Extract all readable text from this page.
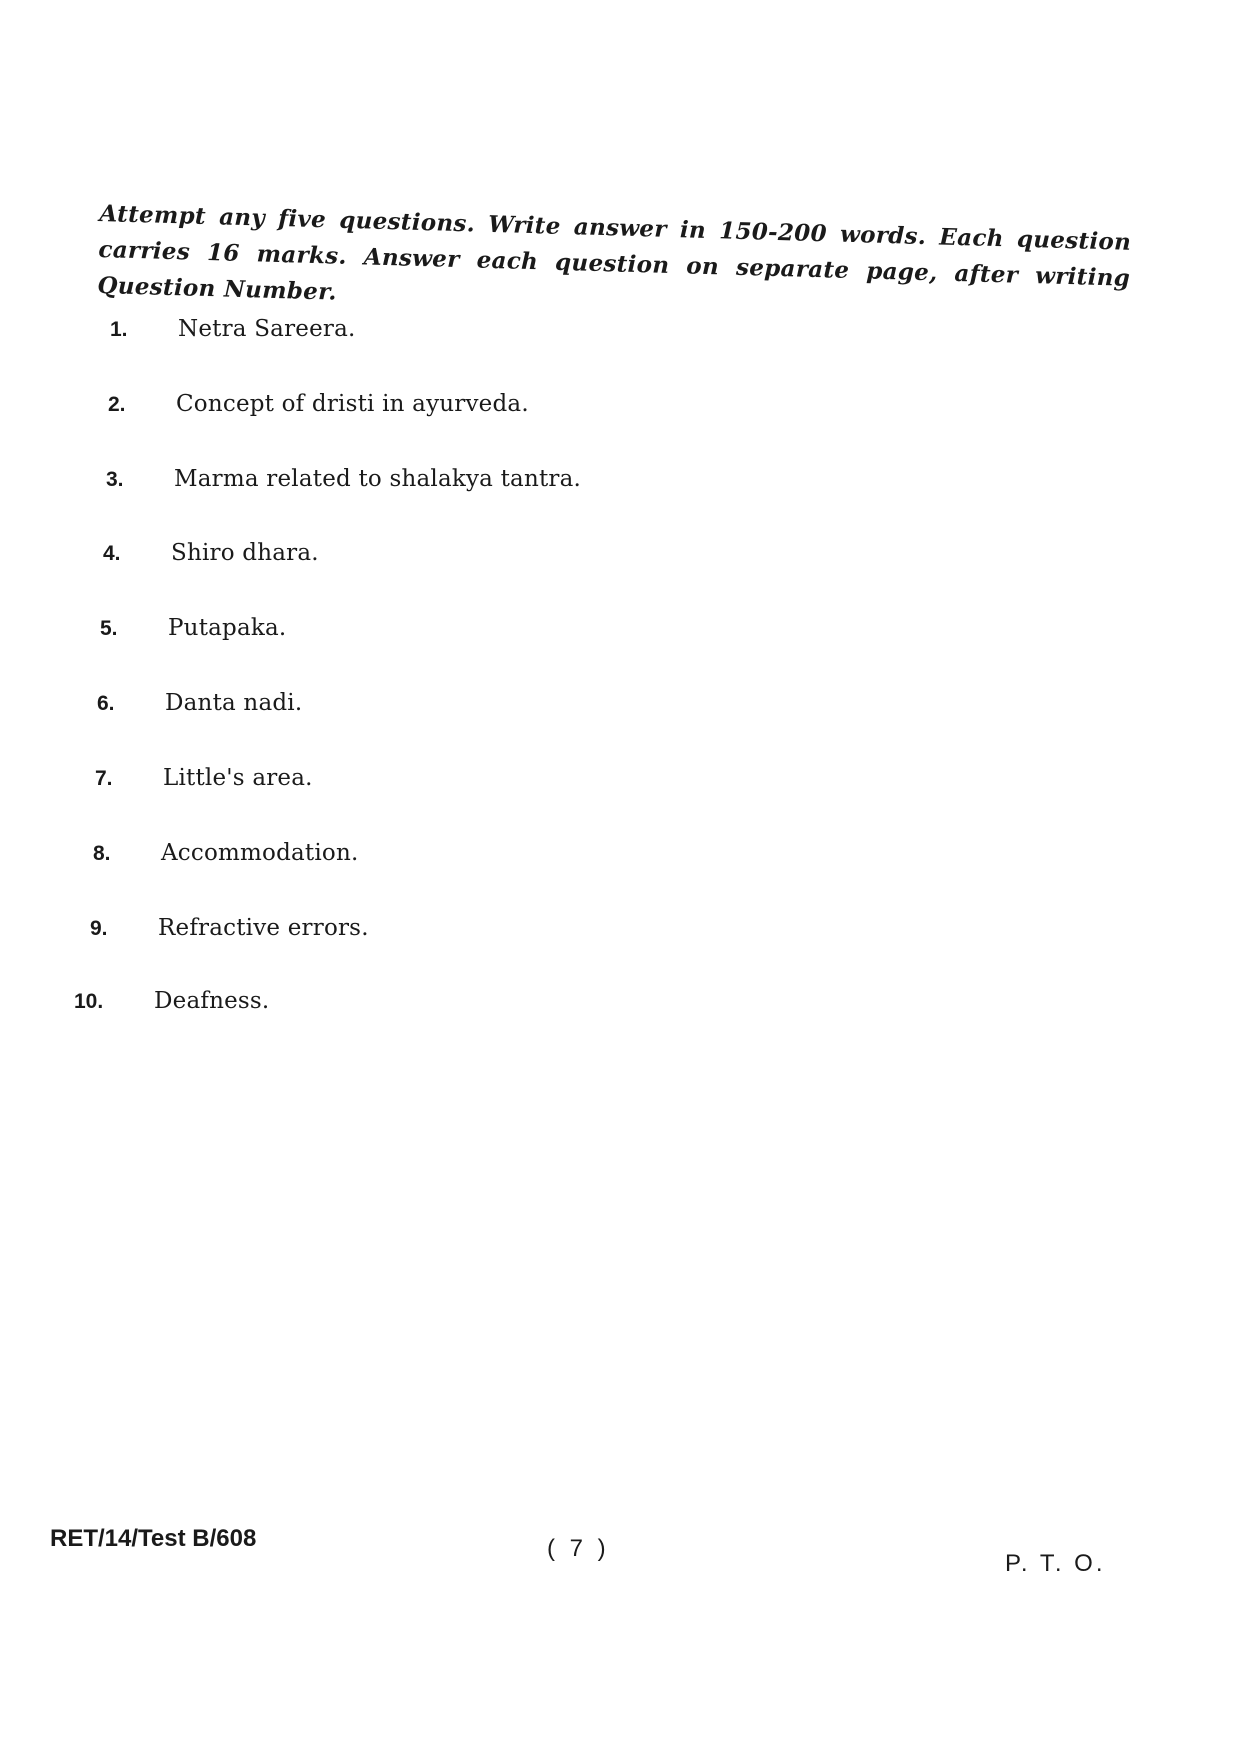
Attempt any five questions. Write answer in 150-200 words. Each question carries 16 marks. Answer each question on separate page, after writing Question Number.
1.	Netra Sareera.
2.	Concept of dristi in ayurveda.
3.	Marma related to shalakya tantra.
4.	Shiro dhara.
5.	Putapaka.
6.	Danta nadi.
7.	Little's area.
8.	Accommodation.
9.	Refractive errors.
10.	Deafness.
RET/14/Test B/608	( 7 )
P. T. O.
